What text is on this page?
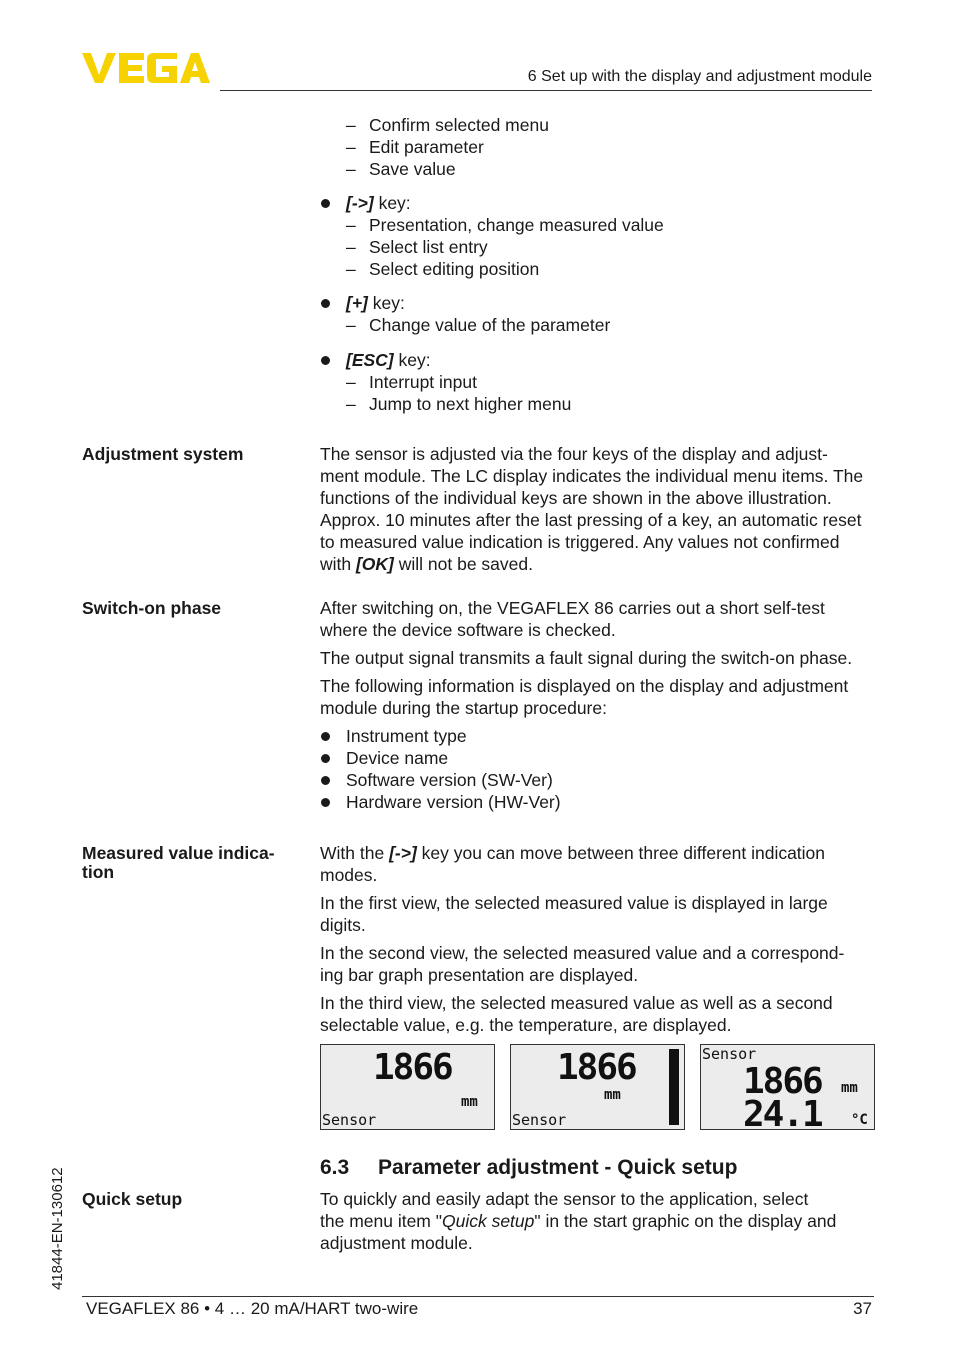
6 Set up with the display and adjustment module
– Confirm selected menu
– Edit parameter
– Save value
[->] key:
– Presentation, change measured value
– Select list entry
– Select editing position
[+] key:
– Change value of the parameter
[ESC] key:
– Interrupt input
– Jump to next higher menu
Adjustment system	The sensor is adjusted via the four keys of the display and adjust-
ment module. The LC display indicates the individual menu items. The
functions of the individual keys are shown in the above illustration.
Approx. 10 minutes after the last pressing of a key, an automatic reset
to measured value indication is triggered. Any values not confirmed
with [OK] will not be saved.
Switch-on phase	After switching on, the VEGAFLEX 86 carries out a short self-test
where the device software is checked.
The output signal transmits a fault signal during the switch-on phase.
The following information is displayed on the display and adjustment
module during the startup procedure:
Instrument type
Device name
Software version (SW-Ver)
Hardware version (HW-Ver)
Measured value indica-
tion
With the [->] key you can move between three different indication
modes.
In the first view, the selected measured value is displayed in large
digits.
In the second view, the selected measured value and a correspond-
ing bar graph presentation are displayed.
In the third view, the selected measured value as well as a second
selectable value, e.g. the temperature, are displayed.
1866
mm
Sensor
1866
mm
Sensor
Sensor
1866 mm
24.1 °C
6.3 Parameter adjustment - Quick setup
Quick setup	To quickly and easily adapt the sensor to the application, select
the menu item "Quick setup" in the start graphic on the display and
adjustment module.
41844-EN-130612
VEGAFLEX 86 • 4 … 20 mA/HART two-wire	37
